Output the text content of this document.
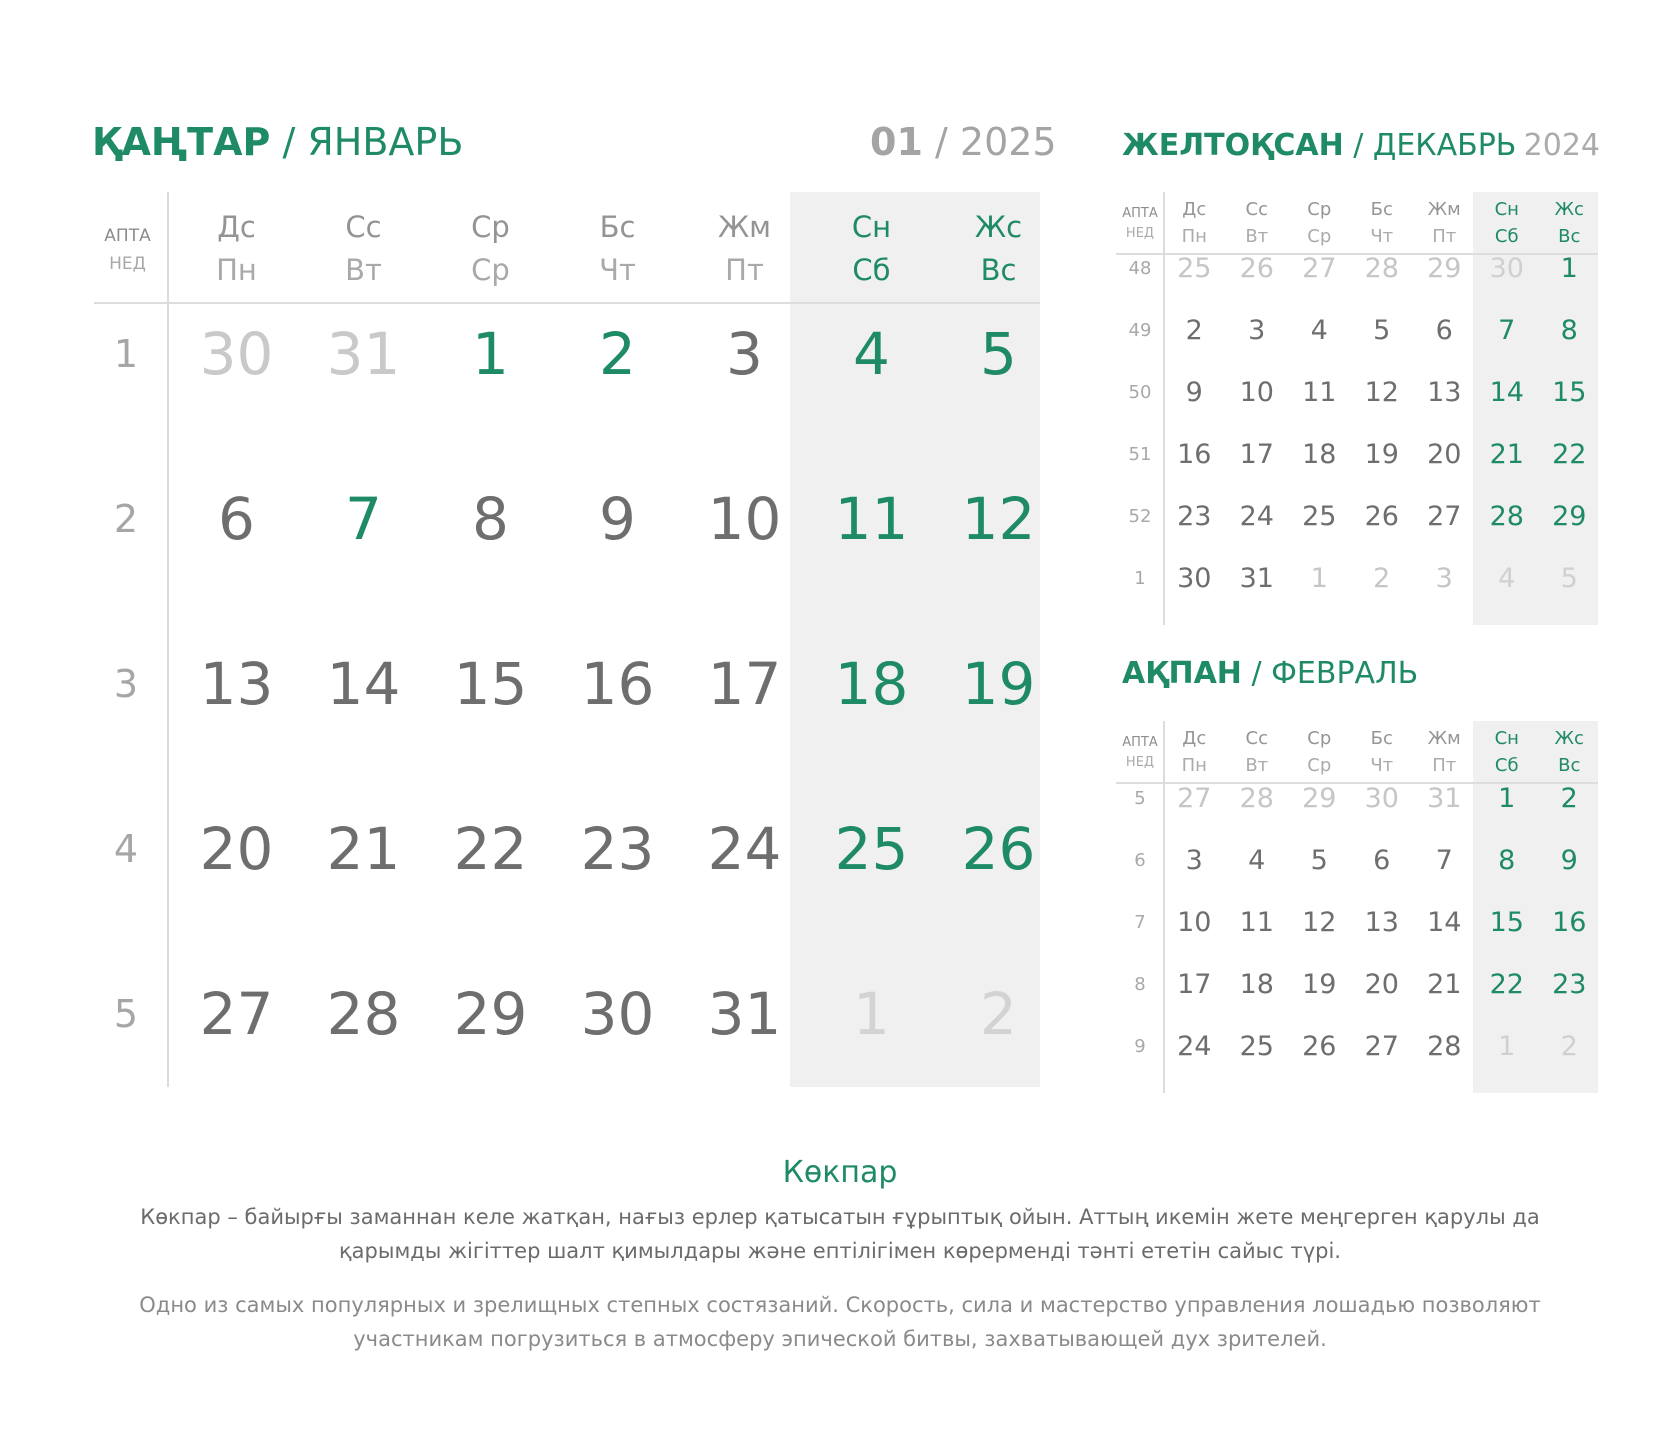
ҚАҢТАР / ЯНВАРЬ	01 / 2025
АПТА
НЕД
Дс
Пн
Сс
Вт
Ср
Ср
Бс
Чт
Жм
Пт
Сн
Сб
Жс
Вс
1	30 31	1	2	3	4	5
2	6	7	8	9	10 11 12
3	13 14 15 16 17 18 19
4	20 21 22 23 24 25 26
5	27 28 29 30 31	1	2
ЖЕЛТОҚСАН / ДЕКАБРЬ 2024
АПТА
НЕД
Дс
Пн
Сс
Вт
Ср
Ср
Бс
Чт
Жм
Пт
Сн
Сб
Жс
Вс
48 25	26	27	28	29	30	1
49	2	3	4	5	6	7	8
50	9	10	11	12	13	14	15
51 16	17	18	19	20	21	22
52 23	24	25	26	27	28	29
1	30	31	1	2	3	4	5
АҚПАН / ФЕВРАЛЬ
АПТА
НЕД
Дс
Пн
Сс
Вт
Ср
Ср
Бс
Чт
Жм
Пт
Сн
Сб
Жс
Вс
5	27	28	29	30	31	1	2
6	3	4	5	6	7	8	9
7	10	11	12	13	14	15	16
8	17	18	19	20	21	22	23
9	24	25	26	27	28	1	2
Көкпар
Көкпар – байырғы заманнан келе жатқан, нағыз ерлер қатысатын ғұрыптық ойын. Аттың икемін жете меңгерген қарулы да
қарымды жігіттер шалт қимылдары және ептілігімен көрерменді тәнті ететін сайыс түрі.
Одно из самых популярных и зрелищных степных состязаний. Скорость, сила и мастерство управления лошадью позволяют
участникам погрузиться в атмосферу эпической битвы, захватывающей дух зрителей.
